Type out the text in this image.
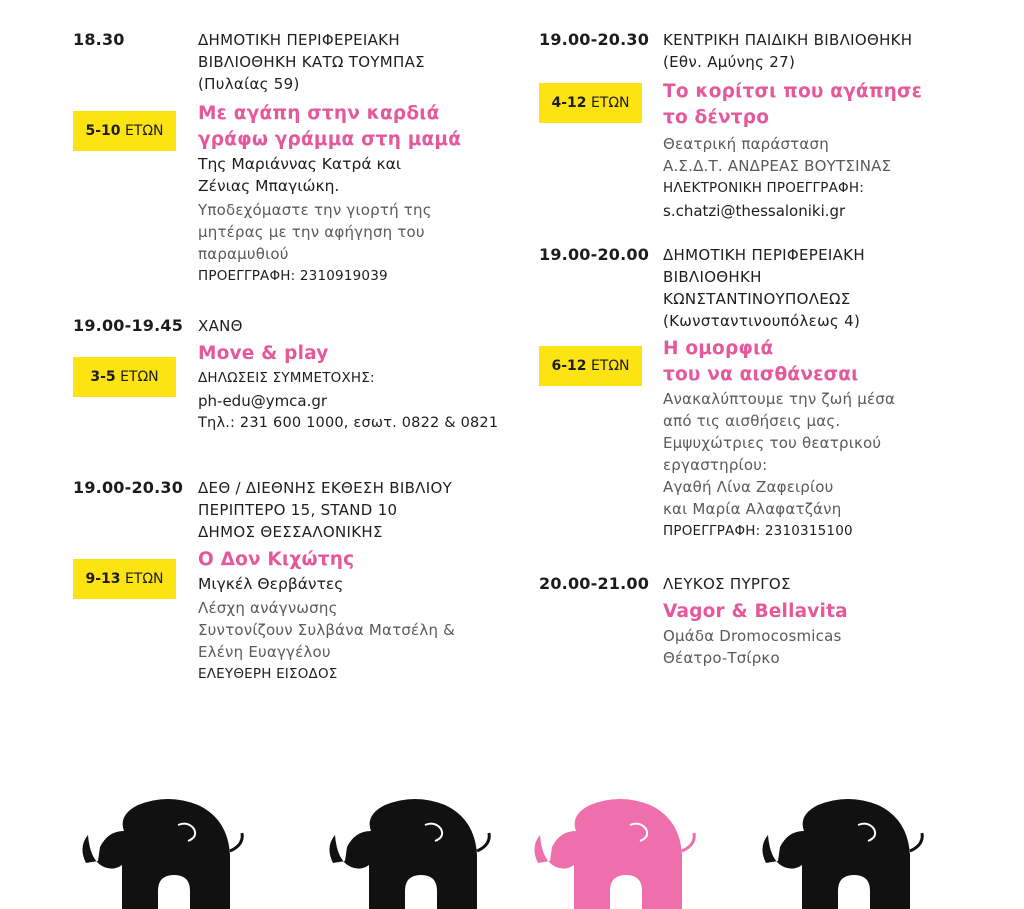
18.30	ΔΗΜΟΤΙΚΗ ΠΕΡΙΦΕΡΕΙΑΚΗ
ΒΙΒΛΙΟΘΗΚΗ ΚΑΤΩ ΤΟΥΜΠΑΣ
(Πυλαίας 59)
Με αγάπη στην καρδιά
γράφω γράμμα στη μαμά
Της Μαριάννας Κατρά και
Ζένιας Μπαγιώκη.
Υποδεχόμαστε την γιορτή της
μητέρας με την αφήγηση του
παραμυθιού
ΠΡΟΕΓΓΡΑΦΗ: 2310919039
5-10 ΕΤΩΝ
19.00-19.45 ΧΑΝΘ
Move & play
ΔΗΛΩΣΕΙΣ ΣΥΜΜΕΤΟΧΗΣ:
ph-edu@ymca.gr
Τηλ.: 231 600 1000, εσωτ. 0822 & 0821
3-5 ΕΤΩΝ
19.00-20.30 ΔΕΘ / ΔΙΕΘΝΗΣ ΕΚΘΕΣΗ ΒΙΒΛΙΟΥ
ΠΕΡΙΠΤΕΡΟ 15, STAND 10
ΔΗΜΟΣ ΘΕΣΣΑΛΟΝΙΚΗΣ
Ο Δον Κιχώτης
Μιγκέλ Θερβάντες
Λέσχη ανάγνωσης
Συντονίζουν Συλβάνα Ματσέλη &
Ελένη Ευαγγέλου
ΕΛΕΥΘΕΡΗ ΕΙΣΟΔΟΣ
9-13 ΕΤΩΝ
19.00-20.30 ΚΕΝΤΡΙΚΗ ΠΑΙΔΙΚΗ ΒΙΒΛΙΟΘΗΚΗ
(Εθν. Αμύνης 27)
Το κορίτσι που αγάπησε
το δέντρο
Θεατρική παράσταση
Α.Σ.Δ.Τ. ΑΝΔΡΕΑΣ ΒΟΥΤΣΙΝΑΣ
ΗΛΕΚΤΡΟΝΙΚΗ ΠΡΟΕΓΓΡΑΦΗ:
s.chatzi@thessaloniki.gr
4-12 ΕΤΩΝ
19.00-20.00 ΔΗΜΟΤΙΚΗ ΠΕΡΙΦΕΡΕΙΑΚΗ
ΒΙΒΛΙΟΘΗΚΗ
ΚΩΝΣΤΑΝΤΙΝΟΥΠΟΛΕΩΣ
(Κωνσταντινουπόλεως 4)
Η ομορφιά
του να αισθάνεσαι
Ανακαλύπτουμε την ζωή μέσα
από τις αισθήσεις μας.
Εμψυχώτριες του θεατρικού
εργαστηρίου:
Αγαθή Λίνα Ζαφειρίου
και Μαρία Αλαφατζάνη
ΠΡΟΕΓΓΡΑΦΗ: 2310315100
6-12 ΕΤΩΝ
20.00-21.00 ΛΕΥΚΟΣ ΠΥΡΓΟΣ
Vagor & Bellavita
Ομάδα Dromocosmicas
Θέατρο-Τσίρκο
